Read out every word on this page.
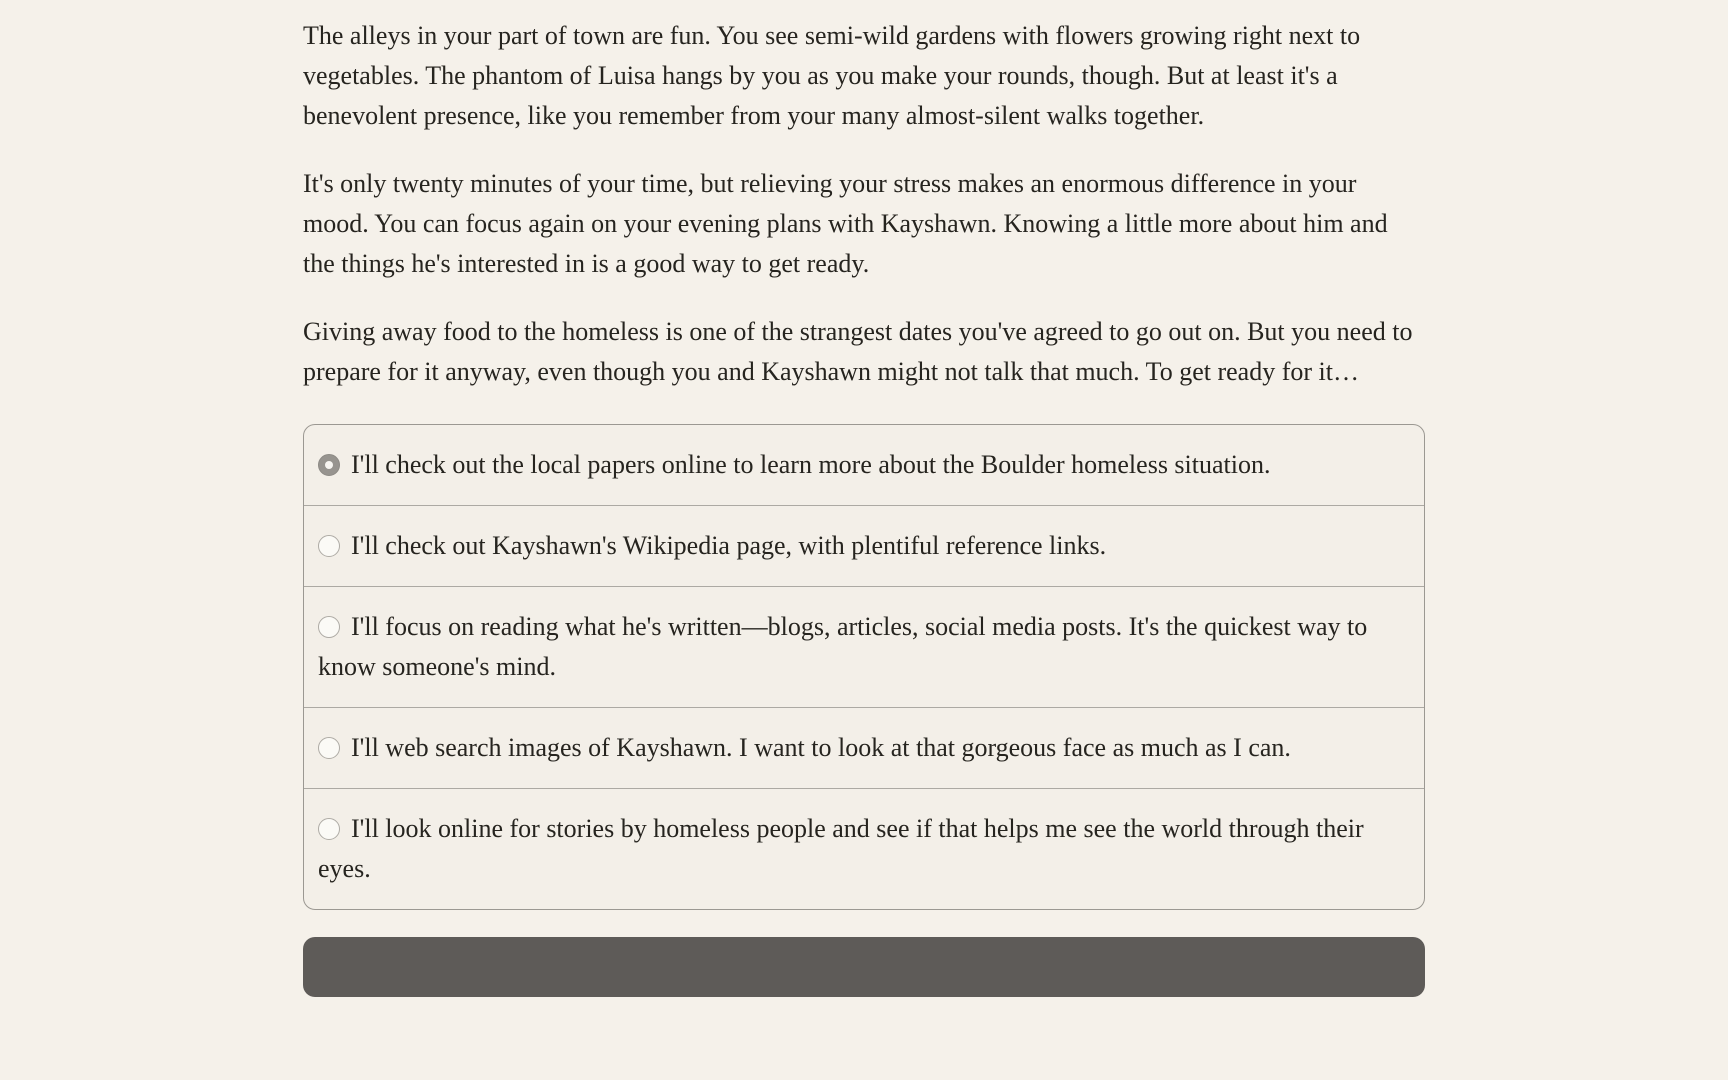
The alleys in your part of town are fun. You see semi-wild gardens with flowers growing right next to vegetables. The phantom of Luisa hangs by you as you make your rounds, though. But at least it's a benevolent presence, like you remember from your many almost-silent walks together.

It's only twenty minutes of your time, but relieving your stress makes an enormous difference in your mood. You can focus again on your evening plans with Kayshawn. Knowing a little more about him and the things he's interested in is a good way to get ready.

Giving away food to the homeless is one of the strangest dates you've agreed to go out on. But you need to prepare for it anyway, even though you and Kayshawn might not talk that much. To get ready for it…

I'll check out the local papers online to learn more about the Boulder homeless situation.
I'll check out Kayshawn's Wikipedia page, with plentiful reference links.
I'll focus on reading what he's written—blogs, articles, social media posts. It's the quickest way to know someone's mind.
I'll web search images of Kayshawn. I want to look at that gorgeous face as much as I can.
I'll look online for stories by homeless people and see if that helps me see the world through their eyes.
